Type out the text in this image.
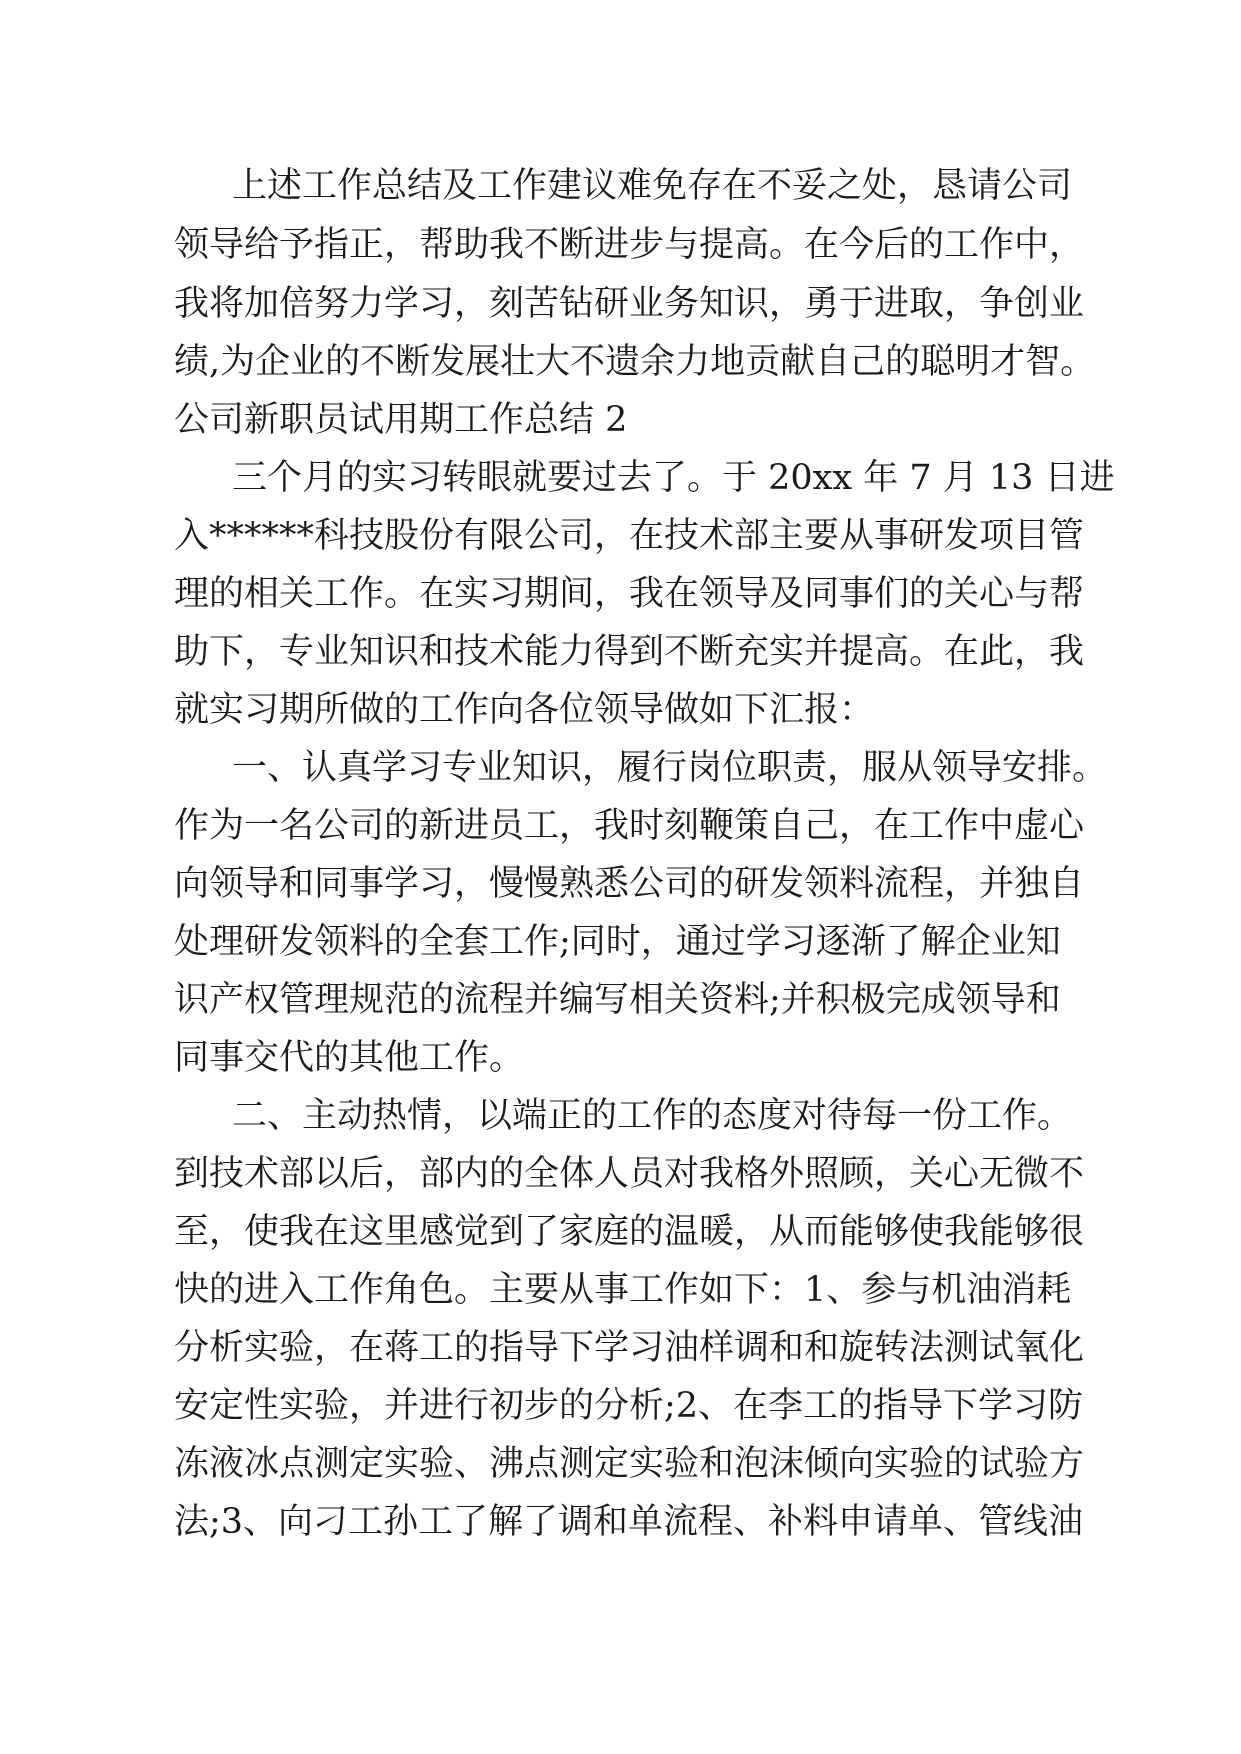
上述工作总结及工作建议难免存在不妥之处，恳请公司
领导给予指正，帮助我不断进步与提高。在今后的工作中，
我将加倍努力学习，刻苦钻研业务知识，勇于进取，争创业
绩,为企业的不断发展壮大不遗余力地贡献自己的聪明才智。
公司新职员试用期工作总结 2
三个月的实习转眼就要过去了。于 20xx 年 7 月 13 日进
入******科技股份有限公司，在技术部主要从事研发项目管
理的相关工作。在实习期间，我在领导及同事们的关心与帮
助下，专业知识和技术能力得到不断充实并提高。在此，我
就实习期所做的工作向各位领导做如下汇报：
一、认真学习专业知识，履行岗位职责，服从领导安排。
作为一名公司的新进员工，我时刻鞭策自己，在工作中虚心
向领导和同事学习，慢慢熟悉公司的研发领料流程，并独自
处理研发领料的全套工作;同时，通过学习逐渐了解企业知
识产权管理规范的流程并编写相关资料;并积极完成领导和
同事交代的其他工作。
二、主动热情，以端正的工作的态度对待每一份工作。
到技术部以后，部内的全体人员对我格外照顾，关心无微不
至，使我在这里感觉到了家庭的温暖，从而能够使我能够很
快的进入工作角色。主要从事工作如下：1、参与机油消耗
分析实验，在蒋工的指导下学习油样调和和旋转法测试氧化
安定性实验，并进行初步的分析;2、在李工的指导下学习防
冻液冰点测定实验、沸点测定实验和泡沫倾向实验的试验方
法;3、向刁工孙工了解了调和单流程、补料申请单、管线油
